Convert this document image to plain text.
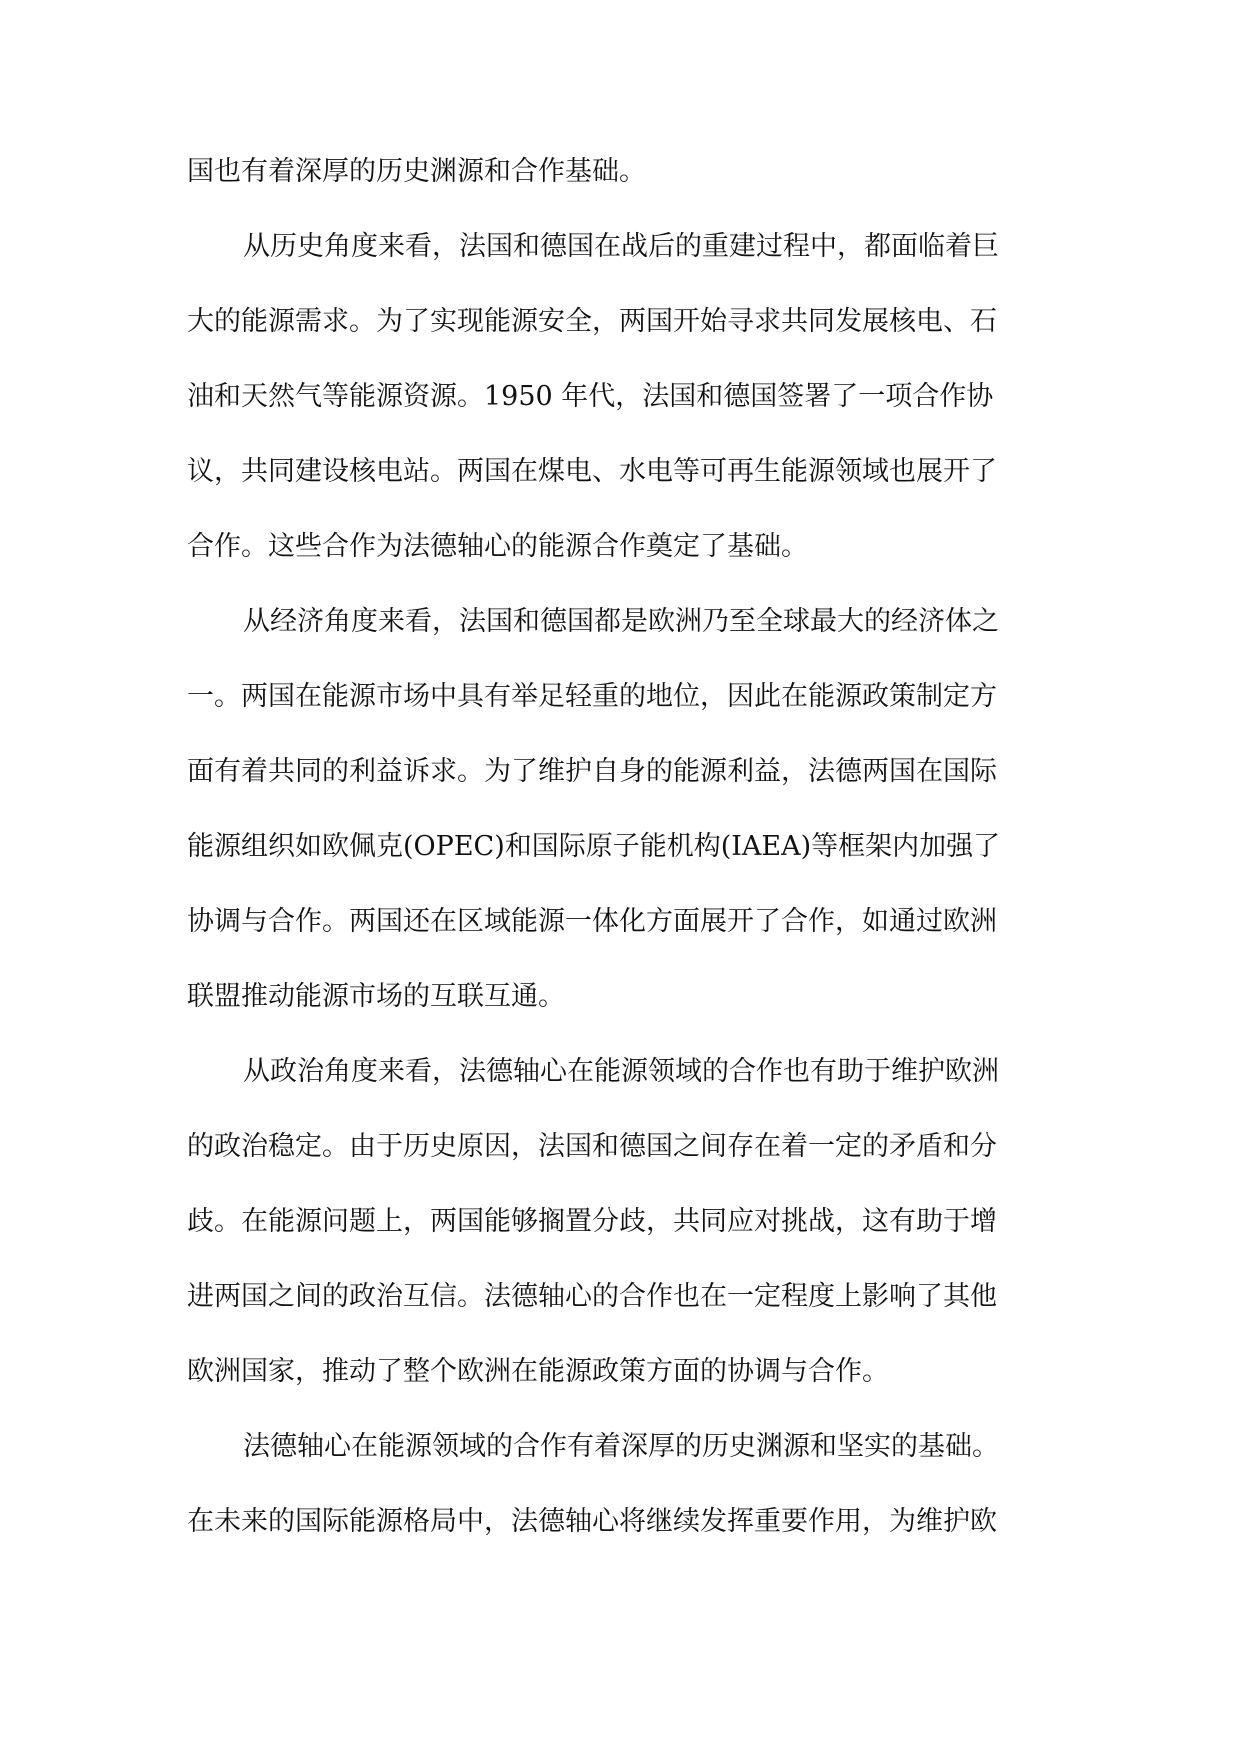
国也有着深厚的历史渊源和合作基础。
从历史角度来看，法国和德国在战后的重建过程中，都面临着巨
大的能源需求。为了实现能源安全，两国开始寻求共同发展核电、石
油和天然气等能源资源。1950 年代，法国和德国签署了一项合作协
议，共同建设核电站。两国在煤电、水电等可再生能源领域也展开了
合作。这些合作为法德轴心的能源合作奠定了基础。
从经济角度来看，法国和德国都是欧洲乃至全球最大的经济体之
一。两国在能源市场中具有举足轻重的地位，因此在能源政策制定方
面有着共同的利益诉求。为了维护自身的能源利益，法德两国在国际
能源组织如欧佩克(OPEC)和国际原子能机构(IAEA)等框架内加强了
协调与合作。两国还在区域能源一体化方面展开了合作，如通过欧洲
联盟推动能源市场的互联互通。
从政治角度来看，法德轴心在能源领域的合作也有助于维护欧洲
的政治稳定。由于历史原因，法国和德国之间存在着一定的矛盾和分
歧。在能源问题上，两国能够搁置分歧，共同应对挑战，这有助于增
进两国之间的政治互信。法德轴心的合作也在一定程度上影响了其他
欧洲国家，推动了整个欧洲在能源政策方面的协调与合作。
法德轴心在能源领域的合作有着深厚的历史渊源和坚实的基础。
在未来的国际能源格局中，法德轴心将继续发挥重要作用，为维护欧
